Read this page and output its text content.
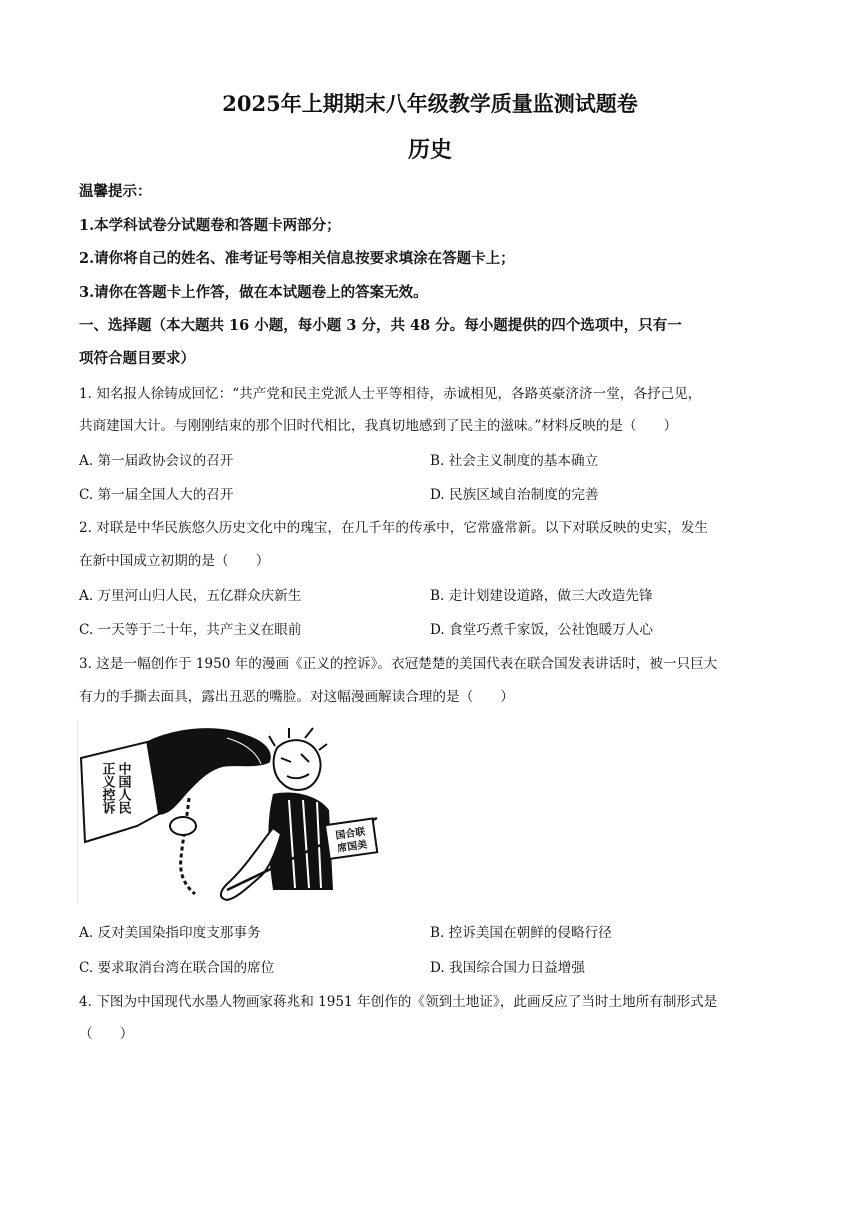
2025年上期期末八年级教学质量监测试题卷
历史
温馨提示：
1.本学科试卷分试题卷和答题卡两部分；
2.请你将自己的姓名、准考证号等相关信息按要求填涂在答题卡上；
3.请你在答题卡上作答，做在本试题卷上的答案无效。
一、选择题（本大题共 16 小题，每小题 3 分，共 48 分。每小题提供的四个选项中，只有一
项符合题目要求）
1. 知名报人徐铸成回忆：“共产党和民主党派人士平等相待，赤诚相见，各路英豪济济一堂，各抒己见，
共商建国大计。与刚刚结束的那个旧时代相比，我真切地感到了民主的滋味。”材料反映的是（　　）
A. 第一届政协会议的召开	B. 社会主义制度的基本确立
C. 第一届全国人大的召开	D. 民族区域自治制度的完善
2. 对联是中华民族悠久历史文化中的瑰宝，在几千年的传承中，它常盛常新。以下对联反映的史实，发生
在新中国成立初期的是（　　）
A. 万里河山归人民，五亿群众庆新生	B. 走计划建设道路，做三大改造先锋
C. 一天等于二十年，共产主义在眼前	D. 食堂巧煮千家饭，公社饱暖万人心
3. 这是一幅创作于 1950 年的漫画《正义的控诉》。衣冠楚楚的美国代表在联合国发表讲话时，被一只巨大
有力的手撕去面具，露出丑恶的嘴脸。对这幅漫画解读合理的是（　　）
国合联
席国美
中国人民
正义控诉
A. 反对美国染指印度支那事务	B. 控诉美国在朝鲜的侵略行径
C. 要求取消台湾在联合国的席位	D. 我国综合国力日益增强
4. 下图为中国现代水墨人物画家蒋兆和 1951 年创作的《领到土地证》，此画反应了当时土地所有制形式是
（　　）
